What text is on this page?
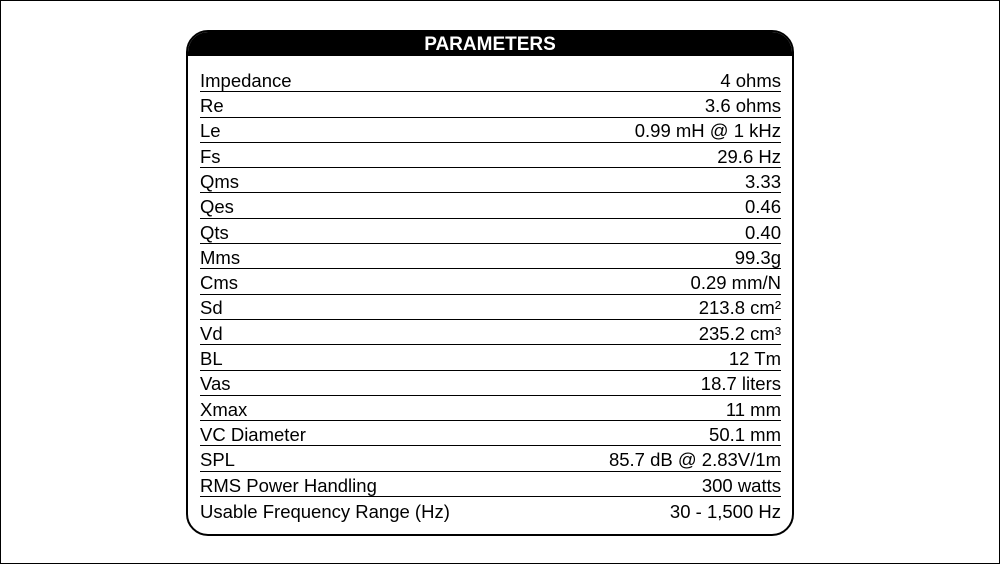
PARAMETERS
Impedance	4 ohms
Re	3.6 ohms
Le	0.99 mH @ 1 kHz
Fs	29.6 Hz
Qms	3.33
Qes	0.46
Qts	0.40
Mms	99.3g
Cms	0.29 mm/N
Sd	213.8 cm²
Vd	235.2 cm³
BL	12 Tm
Vas	18.7 liters
Xmax	11 mm
VC Diameter	50.1 mm
SPL	85.7 dB @ 2.83V/1m
RMS Power Handling	300 watts
Usable Frequency Range (Hz)	30 - 1,500 Hz
